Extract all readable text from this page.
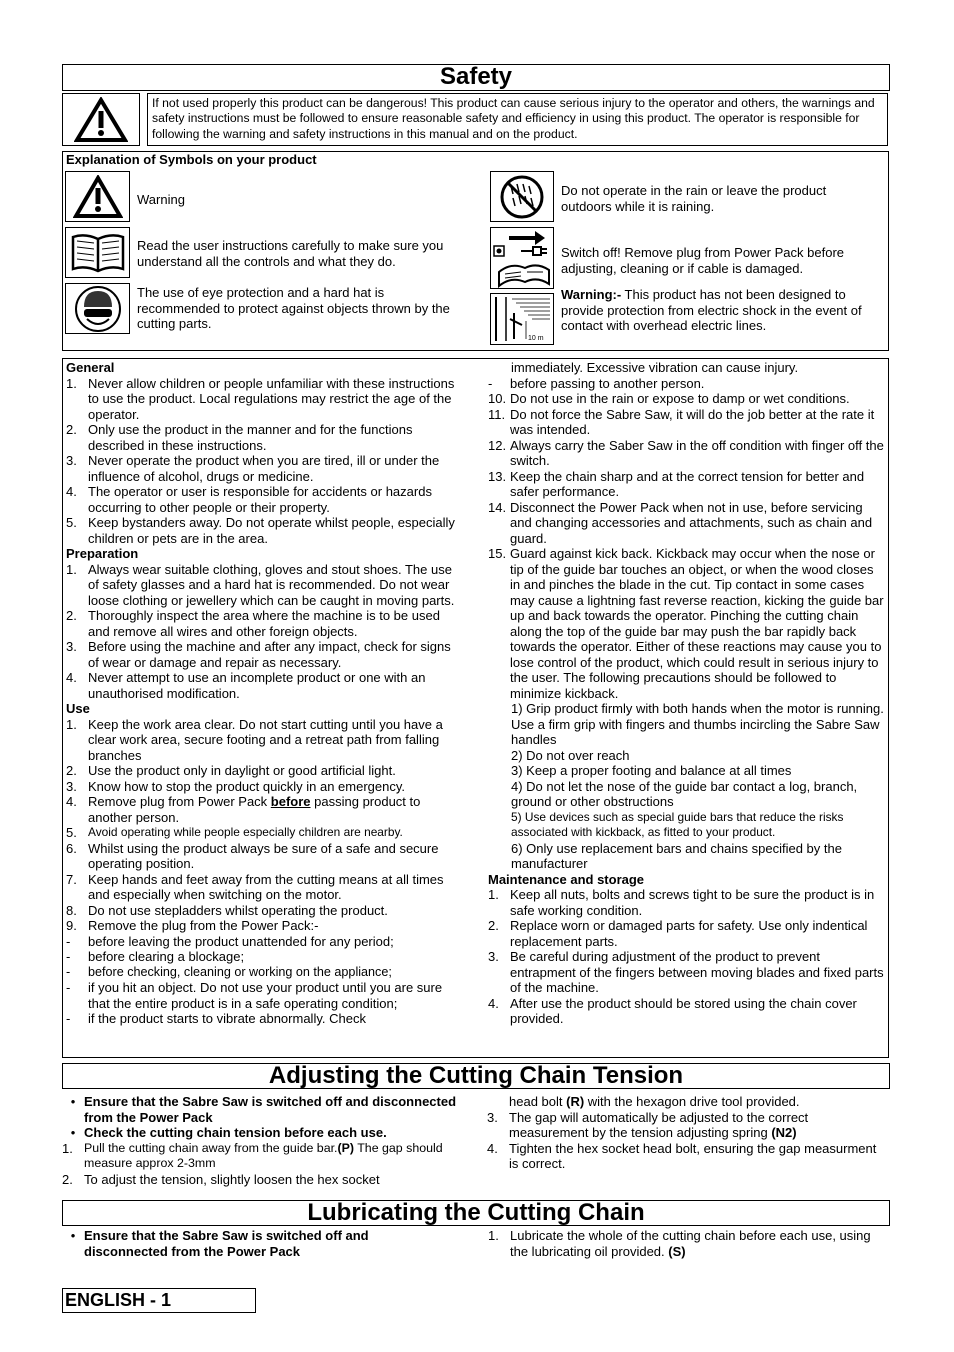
Safety
If not used properly this product can be dangerous! This product can cause serious injury to the operator and others, the warnings and safety instructions must be followed to ensure reasonable safety and efficiency in using this product. The operator is responsible for following the warning and safety instructions in this manual and on the product.
Explanation of Symbols on your product
Warning
Read the user instructions carefully to make sure you understand all the controls and what they do.
The use of eye protection and a hard hat is recommended to protect against objects thrown by the cutting parts.
Do not operate in the rain or leave the product outdoors while it is raining.
Switch off! Remove plug from Power Pack before adjusting, cleaning or if cable is damaged.
10 m
Warning:- This product has not been designed to provide protection from electric shock in the event of contact with overhead electric lines.
General
1. Never allow children or people unfamiliar with these instructions to use the product. Local regulations may restrict the age of the operator.
2. Only use the product in the manner and for the functions described in these instructions.
3. Never operate the product when you are tired, ill or under the influence of alcohol, drugs or medicine.
4. The operator or user is responsible for accidents or hazards occurring to other people or their property.
5. Keep bystanders away. Do not operate whilst people, especially children or pets are in the area.
Preparation
1. Always wear suitable clothing, gloves and stout shoes. The use of safety glasses and a hard hat is recommended. Do not wear loose clothing or jewellery which can be caught in moving parts.
2. Thoroughly inspect the area where the machine is to be used and remove all wires and other foreign objects.
3. Before using the machine and after any impact, check for signs of wear or damage and repair as necessary.
4. Never attempt to use an incomplete product or one with an unauthorised modification.
Use
1. Keep the work area clear. Do not start cutting until you have a clear work area, secure footing and a retreat path from falling branches
2. Use the product only in daylight or good artificial light.
3. Know how to stop the product quickly in an emergency.
4. Remove plug from Power Pack before passing product to another person.
5. Avoid operating while people especially children are nearby.
6. Whilst using the product always be sure of a safe and secure operating position.
7. Keep hands and feet away from the cutting means at all times and especially when switching on the motor.
8. Do not use stepladders whilst operating the product.
9. Remove the plug from the Power Pack:-
-	before leaving the product unattended for any period;
-	before clearing a blockage;
-	before checking, cleaning or working on the appliance;
-	if you hit an object. Do not use your product until you are sure that the entire product is in a safe operating condition;
-	if the product starts to vibrate abnormally. Check
immediately. Excessive vibration can cause injury.
-	before passing to another person.
10. Do not use in the rain or expose to damp or wet conditions.
11. Do not force the Sabre Saw, it will do the job better at the rate it was intended.
12. Always carry the Saber Saw in the off condition with finger off the switch.
13. Keep the chain sharp and at the correct tension for better and safer performance.
14. Disconnect the Power Pack when not in use, before servicing and changing accessories and attachments, such as chain and guard.
15. Guard against kick back. Kickback may occur when the nose or tip of the guide bar touches an object, or when the wood closes in and pinches the blade in the cut. Tip contact in some cases may cause a lightning fast reverse reaction, kicking the guide bar up and back towards the operator. Pinching the cutting chain along the top of the guide bar may push the bar rapidly back towards the operator. Either of these reactions may cause you to lose control of the product, which could result in serious injury to the user. The following precautions should be followed to minimize kickback.
1) Grip product firmly with both hands when the motor is running. Use a firm grip with fingers and thumbs incircling the Sabre Saw handles
2) Do not over reach
3) Keep a proper footing and balance at all times
4) Do not let the nose of the guide bar contact a log, branch, ground or other obstructions
5) Use devices such as special guide bars that reduce the risks associated with kickback, as fitted to your product.
6) Only use replacement bars and chains specified by the manufacturer
Maintenance and storage
1. Keep all nuts, bolts and screws tight to be sure the product is in safe working condition.
2. Replace worn or damaged parts for safety. Use only indentical replacement parts.
3. Be careful during adjustment of the product to prevent entrapment of the fingers between moving blades and fixed parts of the machine.
4. After use the product should be stored using the chain cover provided.
Adjusting the Cutting Chain Tension
• Ensure that the Sabre Saw is switched off and disconnected from the Power Pack
• Check the cutting chain tension before each use.
1. Pull the cutting chain away from the guide bar.(P) The gap should measure approx 2-3mm
2. To adjust the tension, slightly loosen the hex socket
head bolt (R) with the hexagon drive tool provided.
3. The gap will automatically be adjusted to the correct measurement by the tension adjusting spring (N2)
4. Tighten the hex socket head bolt, ensuring the gap measurment is correct.
Lubricating the Cutting Chain
• Ensure that the Sabre Saw is switched off and disconnected from the Power Pack
1. Lubricate the whole of the cutting chain before each use, using the lubricating oil provided. (S)
ENGLISH - 1
